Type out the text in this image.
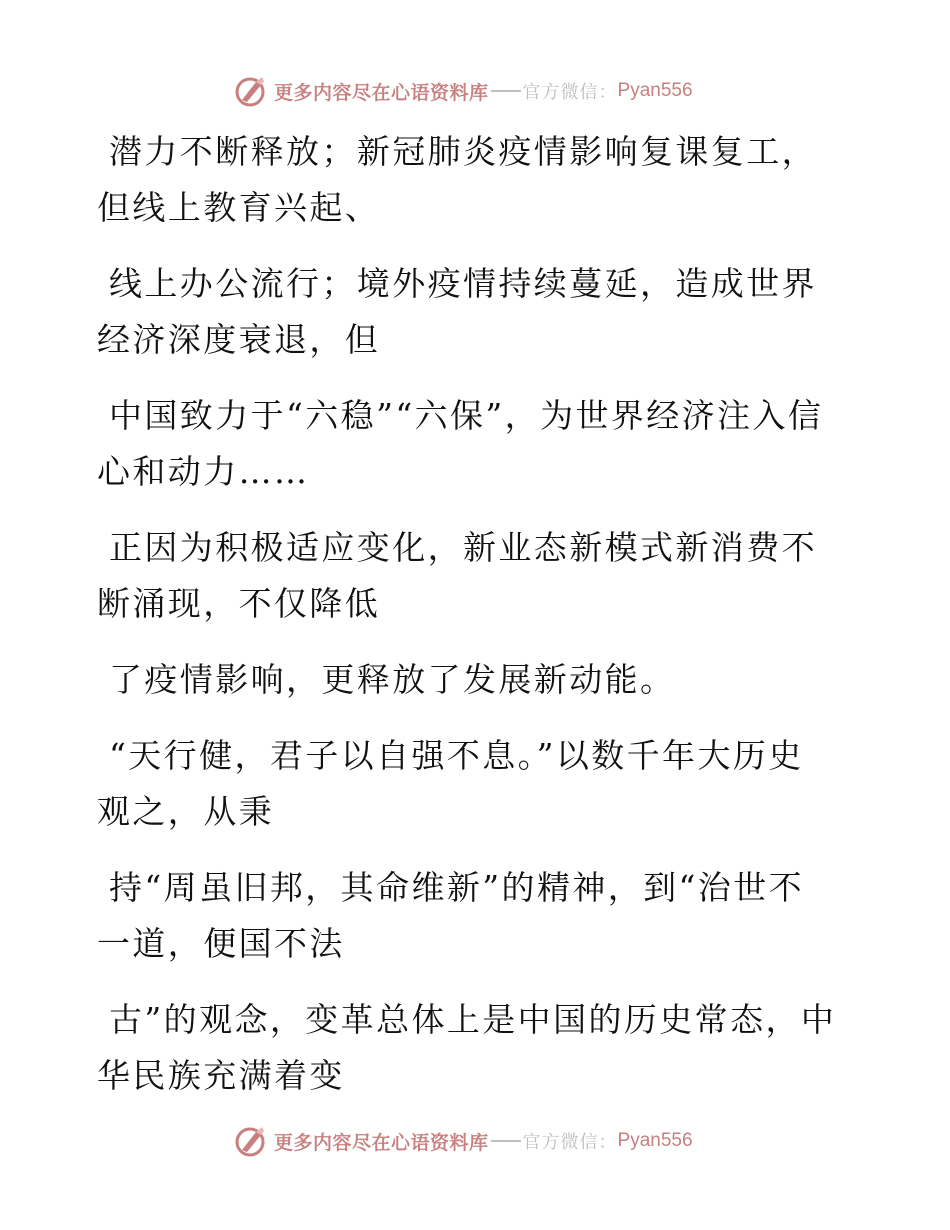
更多内容尽在心语资料库 官方微信： Pyan556

潜力不断释放；新冠肺炎疫情影响复课复工，但线上教育兴起、

线上办公流行；境外疫情持续蔓延，造成世界经济深度衰退，但

中国致力于“六稳”“六保”，为世界经济注入信心和动力……

正因为积极适应变化，新业态新模式新消费不断涌现，不仅降低

了疫情影响，更释放了发展新动能。

“天行健，君子以自强不息。”以数千年大历史观之，从秉

持“周虽旧邦，其命维新”的精神，到“治世不一道，便国不法

古”的观念，变革总体上是中国的历史常态，中华民族充满着变

更多内容尽在心语资料库 官方微信： Pyan556
